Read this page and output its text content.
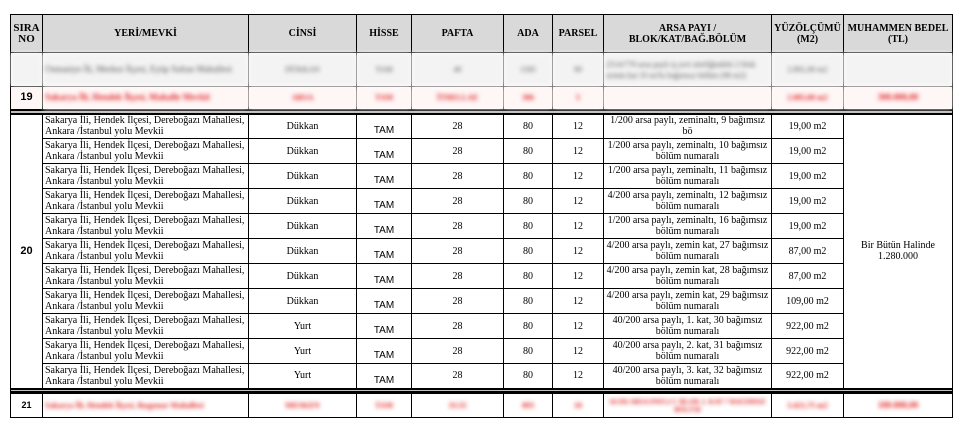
SIRA NO	YERİ/MEVKİ	CİNSİ	HİSSE	PAFTA	ADA	PARSEL	ARSA PAYI / BLOK/KAT/BAĞ.BÖLÜM	YÜZÖLÇÜMÜ (M2)	MUHAMMEN BEDEL (TL)
	Osmaniye İli, Merkez İlçesi, Eyüp Sultan Mahallesi	DÜKKAN	TAM	40	1585	90	2514/770 arsa paylı iş yeri niteliğindeki 2 blok zemin kat 33 no'lu bağımsız bölüm (98 m2)	2.891,00 m2	
19	Sakarya İli, Hendek İlçesi, Mahalle Mevkii	ARSA	TAM	İTDELLAE	306	5		2.085,00 m2	300.000,00

20	Sakarya İli, Hendek İlçesi, Dereboğazı Mahallesi, Ankara /İstanbul yolu Mevkii	Dükkan	TAM	28	80	12	1/200 arsa paylı, zeminaltı, 9 bağımsız bö	19,00 m2	Bir Bütün Halinde
1.280.000
	Sakarya İli, Hendek İlçesi, Dereboğazı Mahallesi, Ankara /İstanbul yolu Mevkii	Dükkan	TAM	28	80	12	1/200 arsa paylı, zeminaltı, 10 bağımsız bölüm numaralı	19,00 m2	
	Sakarya İli, Hendek İlçesi, Dereboğazı Mahallesi, Ankara /İstanbul yolu Mevkii	Dükkan	TAM	28	80	12	1/200 arsa paylı, zeminaltı, 11 bağımsız bölüm numaralı	19,00 m2	
	Sakarya İli, Hendek İlçesi, Dereboğazı Mahallesi, Ankara /İstanbul yolu Mevkii	Dükkan	TAM	28	80	12	4/200 arsa paylı, zeminaltı, 12 bağımsız bölüm numaralı	19,00 m2	
	Sakarya İli, Hendek İlçesi, Dereboğazı Mahallesi, Ankara /İstanbul yolu Mevkii	Dükkan	TAM	28	80	12	1/200 arsa paylı, zeminaltı, 16 bağımsız bölüm numaralı	19,00 m2	
	Sakarya İli, Hendek İlçesi, Dereboğazı Mahallesi, Ankara /İstanbul yolu Mevkii	Dükkan	TAM	28	80	12	4/200 arsa paylı, zemin kat, 27 bağımsız bölüm numaralı	87,00 m2	
	Sakarya İli, Hendek İlçesi, Dereboğazı Mahallesi, Ankara /İstanbul yolu Mevkii	Dükkan	TAM	28	80	12	4/200 arsa paylı, zemin kat, 28 bağımsız bölüm numaralı	87,00 m2	
	Sakarya İli, Hendek İlçesi, Dereboğazı Mahallesi, Ankara /İstanbul yolu Mevkii	Dükkan	TAM	28	80	12	4/200 arsa paylı, zemin kat, 29 bağımsız bölüm numaralı	109,00 m2	
	Sakarya İli, Hendek İlçesi, Dereboğazı Mahallesi, Ankara /İstanbul yolu Mevkii	Yurt	TAM	28	80	12	40/200 arsa paylı, 1. kat, 30 bağımsız bölüm numaralı	922,00 m2	
	Sakarya İli, Hendek İlçesi, Dereboğazı Mahallesi, Ankara /İstanbul yolu Mevkii	Yurt	TAM	28	80	12	40/200 arsa paylı, 2. kat, 31 bağımsız bölüm numaralı	922,00 m2	
	Sakarya İli, Hendek İlçesi, Dereboğazı Mahallesi, Ankara /İstanbul yolu Mevkii	Yurt	TAM	28	80	12	40/200 arsa paylı, 3. kat, 32 bağımsız bölüm numaralı	922,00 m2	

21	Sakarya İli, Hendek İlçesi, Başpınar Mahallesi	MESKEN	TAM	33.55	893	10	16/292 ARSA PAYLI C BLOK 2. KAT 7 BAĞIMSIZ BÖLÜM	3.421,75 m2	180.000,00
